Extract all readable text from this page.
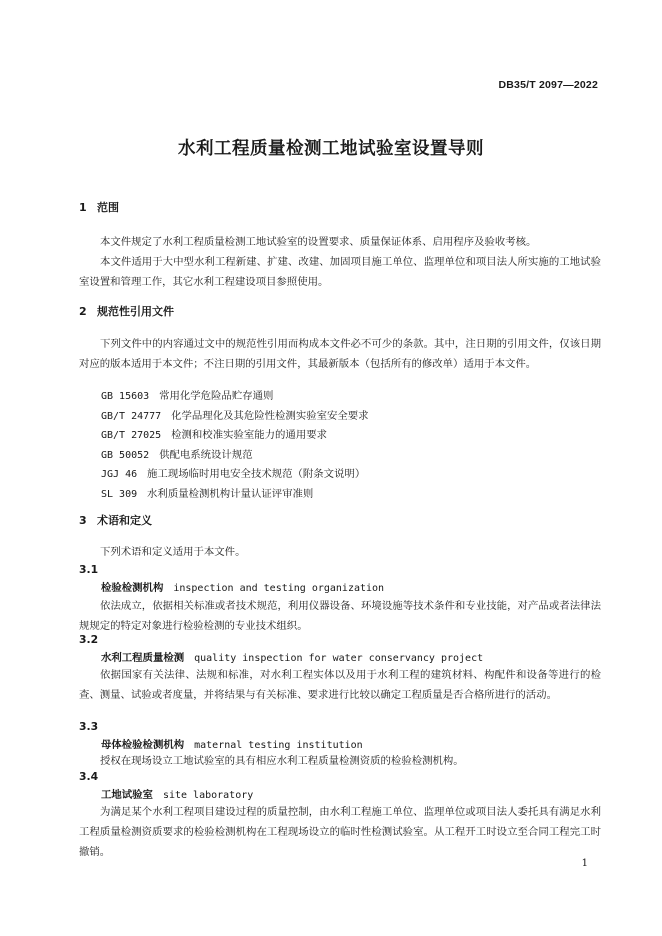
DB35/T 2097—2022
水利工程质量检测工地试验室设置导则
1 范围
本文件规定了水利工程质量检测工地试验室的设置要求、质量保证体系、启用程序及验收考核。
本文件适用于大中型水利工程新建、扩建、改建、加固项目施工单位、监理单位和项目法人所实施的工地试验室设置和管理工作，其它水利工程建设项目参照使用。
2 规范性引用文件
下列文件中的内容通过文中的规范性引用而构成本文件必不可少的条款。其中，注日期的引用文件，仅该日期对应的版本适用于本文件；不注日期的引用文件，其最新版本（包括所有的修改单）适用于本文件。
GB 15603 常用化学危险品贮存通则
GB/T 24777 化学品理化及其危险性检测实验室安全要求
GB/T 27025 检测和校准实验室能力的通用要求
GB 50052 供配电系统设计规范
JGJ 46 施工现场临时用电安全技术规范（附条文说明）
SL 309 水利质量检测机构计量认证评审准则
3 术语和定义
下列术语和定义适用于本文件。
3.1
检验检测机构 inspection and testing organization
依法成立，依据相关标准或者技术规范，利用仪器设备、环境设施等技术条件和专业技能，对产品或者法律法规规定的特定对象进行检验检测的专业技术组织。
3.2
水利工程质量检测 quality inspection for water conservancy project
依据国家有关法律、法规和标准，对水利工程实体以及用于水利工程的建筑材料、构配件和设备等进行的检查、测量、试验或者度量，并将结果与有关标准、要求进行比较以确定工程质量是否合格所进行的活动。
3.3
母体检验检测机构 maternal testing institution
授权在现场设立工地试验室的具有相应水利工程质量检测资质的检验检测机构。
3.4
工地试验室 site laboratory
为满足某个水利工程项目建设过程的质量控制，由水利工程施工单位、监理单位或项目法人委托具有满足水利工程质量检测资质要求的检验检测机构在工程现场设立的临时性检测试验室。从工程开工时设立至合同工程完工时撤销。
1
